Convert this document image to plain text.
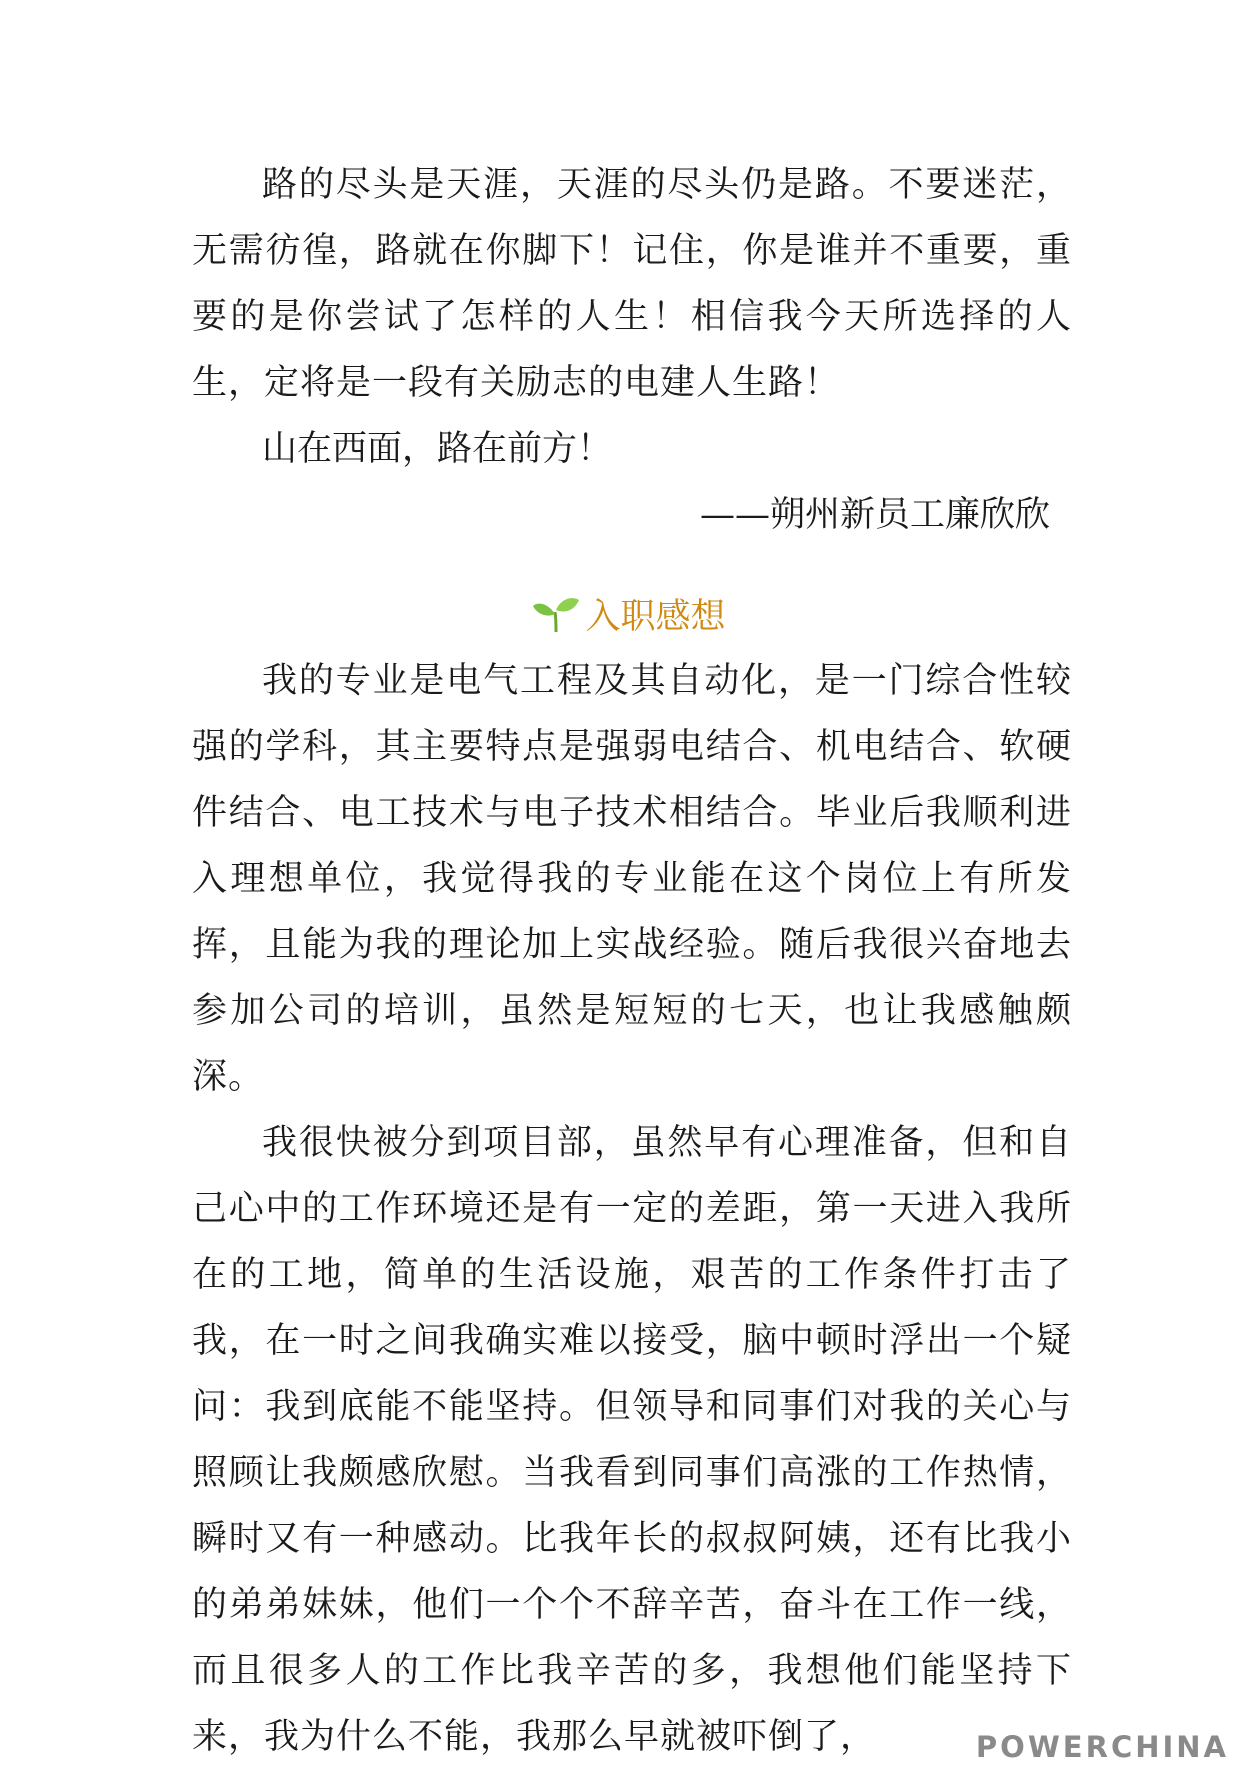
路的尽头是天涯，天涯的尽头仍是路。不要迷茫，无需彷徨，路就在你脚下！记住，你是谁并不重要，重要的是你尝试了怎样的人生！相信我今天所选择的人生，定将是一段有关励志的电建人生路！

山在西面，路在前方！

——朔州新员工廉欣欣

入职感想

我的专业是电气工程及其自动化，是一门综合性较强的学科，其主要特点是强弱电结合、机电结合、软硬件结合、电工技术与电子技术相结合。毕业后我顺利进入理想单位，我觉得我的专业能在这个岗位上有所发挥，且能为我的理论加上实战经验。随后我很兴奋地去参加公司的培训，虽然是短短的七天，也让我感触颇深。

我很快被分到项目部，虽然早有心理准备，但和自己心中的工作环境还是有一定的差距，第一天进入我所在的工地，简单的生活设施，艰苦的工作条件打击了我，在一时之间我确实难以接受，脑中顿时浮出一个疑问：我到底能不能坚持。但领导和同事们对我的关心与照顾让我颇感欣慰。当我看到同事们高涨的工作热情，瞬时又有一种感动。比我年长的叔叔阿姨，还有比我小的弟弟妹妹，他们一个个不辞辛苦，奋斗在工作一线，而且很多人的工作比我辛苦的多，我想他们能坚持下来，我为什么不能，我那么早就被吓倒了，	POWERCHINA
